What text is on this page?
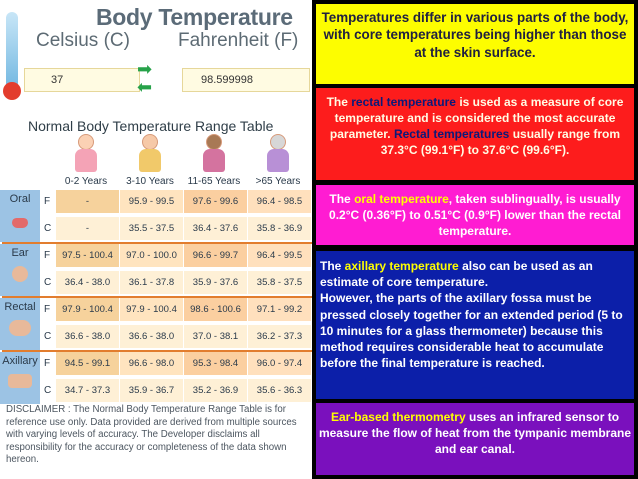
Body Temperature
Celsius (C)	Fahrenheit (F)
37	98.599998
➡
⬅
Normal Body Temperature Range Table
0-2 Years	3-10 Years	11-65 Years	>65 Years
Oral
Ear
Rectal
Axillary
F	-	95.9 - 99.5	97.6 - 99.6	96.4 - 98.5
C	-	35.5 - 37.5	36.4 - 37.6	35.8 - 36.9
F	97.5 - 100.4	97.0 - 100.0	96.6 - 99.7	96.4 - 99.5
C	36.4 - 38.0	36.1 - 37.8	35.9 - 37.6	35.8 - 37.5
F	97.9 - 100.4	97.9 - 100.4	98.6 - 100.6	97.1 - 99.2
C	36.6 - 38.0	36.6 - 38.0	37.0 - 38.1	36.2 - 37.3
F	94.5 - 99.1	96.6 - 98.0	95.3 - 98.4	96.0 - 97.4
C	34.7 - 37.3	35.9 - 36.7	35.2 - 36.9	35.6 - 36.3
DISCLAIMER : The Normal Body Temperature Range Table is for reference use only. Data provided are derived from multiple sources with varying levels of accuracy. The Developer disclaims all responsibility for the accuracy or completeness of the data shown hereon.
Temperatures differ in various parts of the body, with core temperatures being higher than those at the skin surface.
The rectal temperature is used as a measure of core temperature and is considered the most accurate parameter. Rectal temperatures usually range from 37.3°C (99.1°F) to 37.6°C (99.6°F).
The oral temperature, taken sublingually, is usually 0.2°C (0.36°F) to 0.51°C (0.9°F) lower than the rectal temperature.
The axillary temperature also can be used as an estimate of core temperature.
However, the parts of the axillary fossa must be pressed closely together for an extended period (5 to 10 minutes for a glass thermometer) because this method requires considerable heat to accumulate before the final temperature is reached.
Ear-based thermometry uses an infrared sensor to measure the flow of heat from the tympanic membrane and ear canal.
